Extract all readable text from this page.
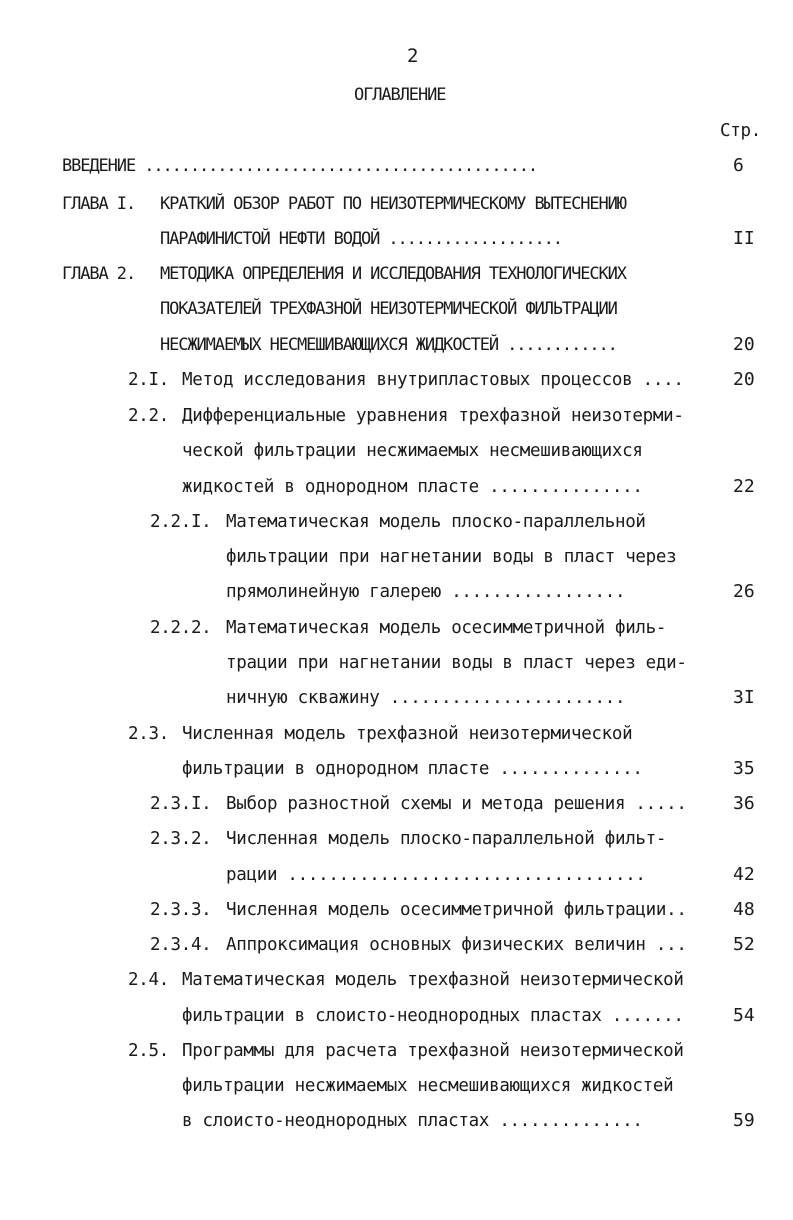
2
ОГЛАВЛЕНИЕ
Стр.
ВВЕДЕНИЕ ...........................................	6
ГЛАВА I. КРАТКИЙ ОБЗОР РАБОТ ПО НЕИЗОТЕРМИЧЕСКОМУ ВЫТЕСНЕНИЮ
ПАРАФИНИСТОЙ НЕФТИ ВОДОЙ ...................	II
ГЛАВА 2. МЕТОДИКА ОПРЕДЕЛЕНИЯ И ИССЛЕДОВАНИЯ ТЕХНОЛОГИЧЕСКИХ
ПОКАЗАТЕЛЕЙ ТРЕХФАЗНОЙ НЕИЗОТЕРМИЧЕСКОЙ ФИЛЬТРАЦИИ
НЕСЖИМАЕМЫХ НЕСМЕШИВАЮЩИХСЯ ЖИДКОСТЕЙ ............	20
2.I. Метод исследования внутрипластовых процессов ....	20
2.2. Дифференциальные уравнения трехфазной неизотерми-
ческой фильтрации несжимаемых несмешивающихся
жидкостей в однородном пласте ...............	22
2.2.I. Математическая модель плоско-параллельной
фильтрации при нагнетании воды в пласт через
прямолинейную галерею .................	26
2.2.2. Математическая модель осесимметричной филь-
трации при нагнетании воды в пласт через еди-
ничную скважину .......................	3I
2.3. Численная модель трехфазной неизотермической
фильтрации в однородном пласте ..............	35
2.3.I. Выбор разностной схемы и метода решения .....	36
2.3.2. Численная модель плоско-параллельной фильт-
рации ...................................	42
2.3.3. Численная модель осесимметричной фильтрации..	48
2.3.4. Аппроксимация основных физических величин ...	52
2.4. Математическая модель трехфазной неизотермической
фильтрации в слоисто-неоднородных пластах .......	54
2.5. Программы для расчета трехфазной неизотермической
фильтрации несжимаемых несмешивающихся жидкостей
в слоисто-неоднородных пластах ..............	59
